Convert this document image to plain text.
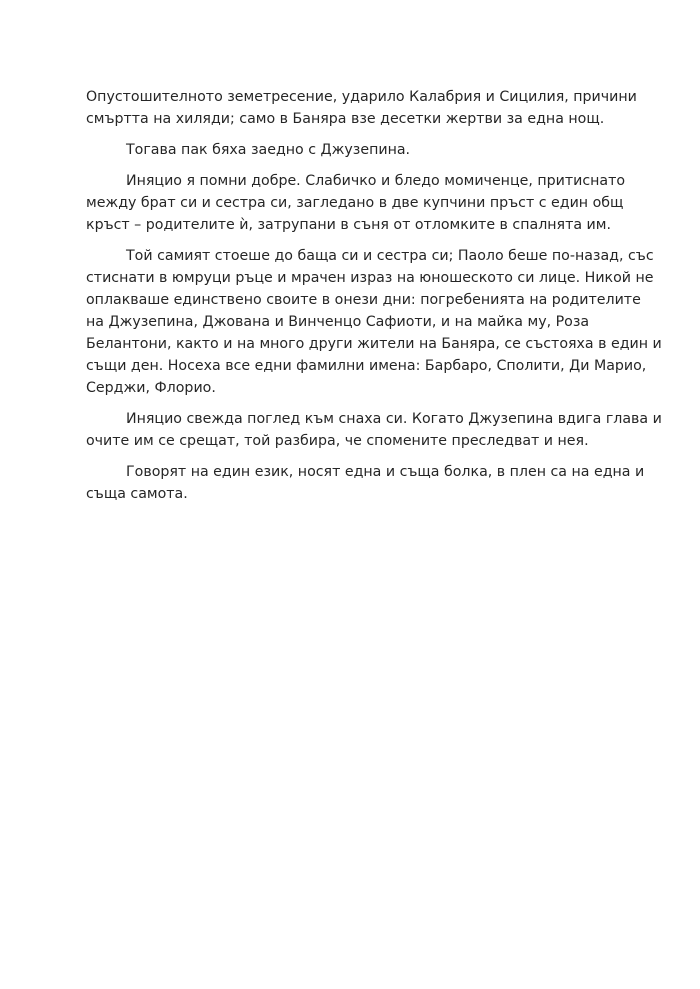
Опустошителното земетресение, ударило Калабрия и Сицилия, причини
смъртта на хиляди; само в Баняра взе десетки жертви за една нощ.

Тогава пак бяха заедно с Джузепина.

Иняцио я помни добре. Слабичко и бледо момиченце, притиснато
между брат си и сестра си, загледано в две купчини пръст с един общ
кръст – родителите ѝ, затрупани в съня от отломките в спалнята им.

Той самият стоеше до баща си и сестра си; Паоло беше по-назад, със
стиснати в юмруци ръце и мрачен израз на юношеското си лице. Никой не
оплакваше единствено своите в онези дни: погребенията на родителите
на Джузепина, Джована и Винченцо Сафиоти, и на майка му, Роза
Белантони, както и на много други жители на Баняра, се състояха в един и
същи ден. Носеха все едни фамилни имена: Барбаро, Сполити, Ди Марио,
Серджи, Флорио.

Иняцио свежда поглед към снаха си. Когато Джузепина вдига глава и
очите им се срещат, той разбира, че спомените преследват и нея.

Говорят на един език, носят една и съща болка, в плен са на една и
съща самота.
